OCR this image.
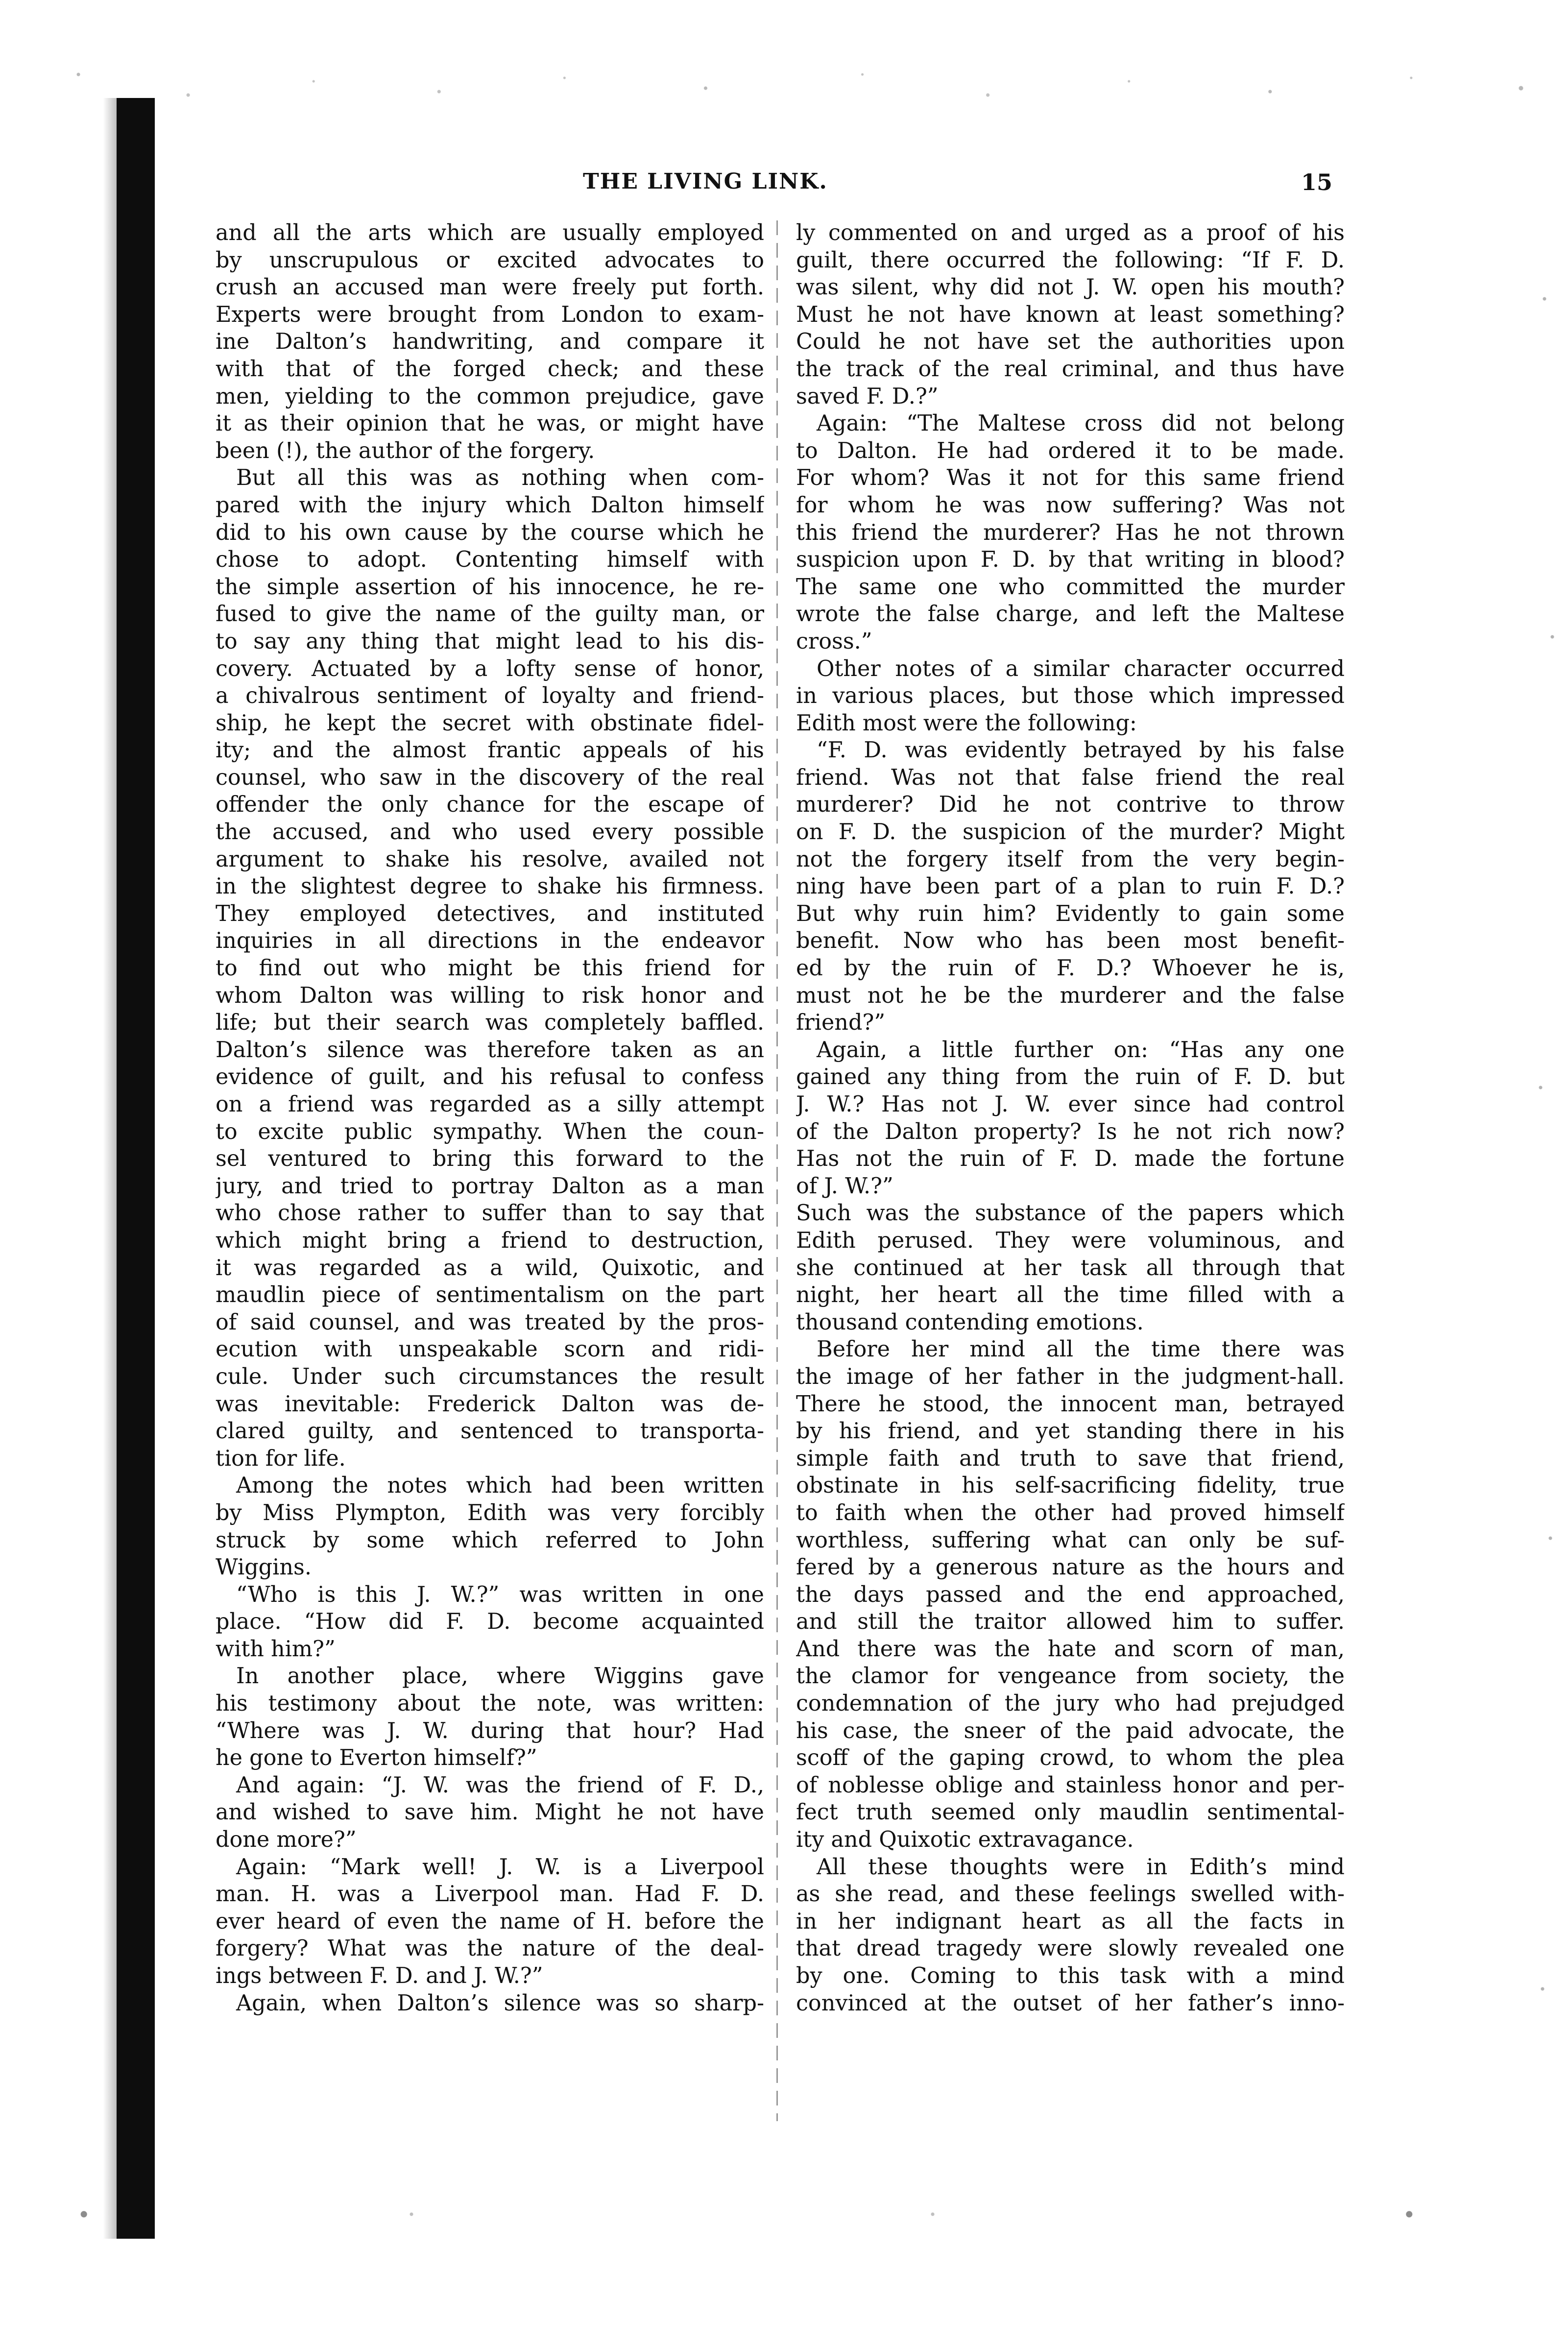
THE LIVING LINK.	15
and all the arts which are usually employed
by unscrupulous or excited advocates to
crush an accused man were freely put forth.
Experts were brought from London to exam-
ine Dalton’s handwriting, and compare it
with that of the forged check; and these
men, yielding to the common prejudice, gave
it as their opinion that he was, or might have
been (!), the author of the forgery.
But all this was as nothing when com-
pared with the injury which Dalton himself
did to his own cause by the course which he
chose to adopt. Contenting himself with
the simple assertion of his innocence, he re-
fused to give the name of the guilty man, or
to say any thing that might lead to his dis-
covery. Actuated by a lofty sense of honor,
a chivalrous sentiment of loyalty and friend-
ship, he kept the secret with obstinate fidel-
ity; and the almost frantic appeals of his
counsel, who saw in the discovery of the real
offender the only chance for the escape of
the accused, and who used every possible
argument to shake his resolve, availed not
in the slightest degree to shake his firmness.
They employed detectives, and instituted
inquiries in all directions in the endeavor
to find out who might be this friend for
whom Dalton was willing to risk honor and
life; but their search was completely baffled.
Dalton’s silence was therefore taken as an
evidence of guilt, and his refusal to confess
on a friend was regarded as a silly attempt
to excite public sympathy. When the coun-
sel ventured to bring this forward to the
jury, and tried to portray Dalton as a man
who chose rather to suffer than to say that
which might bring a friend to destruction,
it was regarded as a wild, Quixotic, and
maudlin piece of sentimentalism on the part
of said counsel, and was treated by the pros-
ecution with unspeakable scorn and ridi-
cule. Under such circumstances the result
was inevitable: Frederick Dalton was de-
clared guilty, and sentenced to transporta-
tion for life.
Among the notes which had been written
by Miss Plympton, Edith was very forcibly
struck by some which referred to John
Wiggins.
“Who is this J. W.?” was written in one
place. “How did F. D. become acquainted
with him?”
In another place, where Wiggins gave
his testimony about the note, was written:
“Where was J. W. during that hour? Had
he gone to Everton himself?”
And again: “J. W. was the friend of F. D.,
and wished to save him. Might he not have
done more?”
Again: “Mark well! J. W. is a Liverpool
man. H. was a Liverpool man. Had F. D.
ever heard of even the name of H. before the
forgery? What was the nature of the deal-
ings between F. D. and J. W.?”
Again, when Dalton’s silence was so sharp-
ly commented on and urged as a proof of his
guilt, there occurred the following: “If F. D.
was silent, why did not J. W. open his mouth?
Must he not have known at least something?
Could he not have set the authorities upon
the track of the real criminal, and thus have
saved F. D.?”
Again: “The Maltese cross did not belong
to Dalton. He had ordered it to be made.
For whom? Was it not for this same friend
for whom he was now suffering? Was not
this friend the murderer? Has he not thrown
suspicion upon F. D. by that writing in blood?
The same one who committed the murder
wrote the false charge, and left the Maltese
cross.”
Other notes of a similar character occurred
in various places, but those which impressed
Edith most were the following:
“F. D. was evidently betrayed by his false
friend. Was not that false friend the real
murderer? Did he not contrive to throw
on F. D. the suspicion of the murder? Might
not the forgery itself from the very begin-
ning have been part of a plan to ruin F. D.?
But why ruin him? Evidently to gain some
benefit. Now who has been most benefit-
ed by the ruin of F. D.? Whoever he is,
must not he be the murderer and the false
friend?”
Again, a little further on: “Has any one
gained any thing from the ruin of F. D. but
J. W.? Has not J. W. ever since had control
of the Dalton property? Is he not rich now?
Has not the ruin of F. D. made the fortune
of J. W.?”
Such was the substance of the papers which
Edith perused. They were voluminous, and
she continued at her task all through that
night, her heart all the time filled with a
thousand contending emotions.
Before her mind all the time there was
the image of her father in the judgment-hall.
There he stood, the innocent man, betrayed
by his friend, and yet standing there in his
simple faith and truth to save that friend,
obstinate in his self-sacrificing fidelity, true
to faith when the other had proved himself
worthless, suffering what can only be suf-
fered by a generous nature as the hours and
the days passed and the end approached,
and still the traitor allowed him to suffer.
And there was the hate and scorn of man,
the clamor for vengeance from society, the
condemnation of the jury who had prejudged
his case, the sneer of the paid advocate, the
scoff of the gaping crowd, to whom the plea
of noblesse oblige and stainless honor and per-
fect truth seemed only maudlin sentimental-
ity and Quixotic extravagance.
All these thoughts were in Edith’s mind
as she read, and these feelings swelled with-
in her indignant heart as all the facts in
that dread tragedy were slowly revealed one
by one. Coming to this task with a mind
convinced at the outset of her father’s inno-
